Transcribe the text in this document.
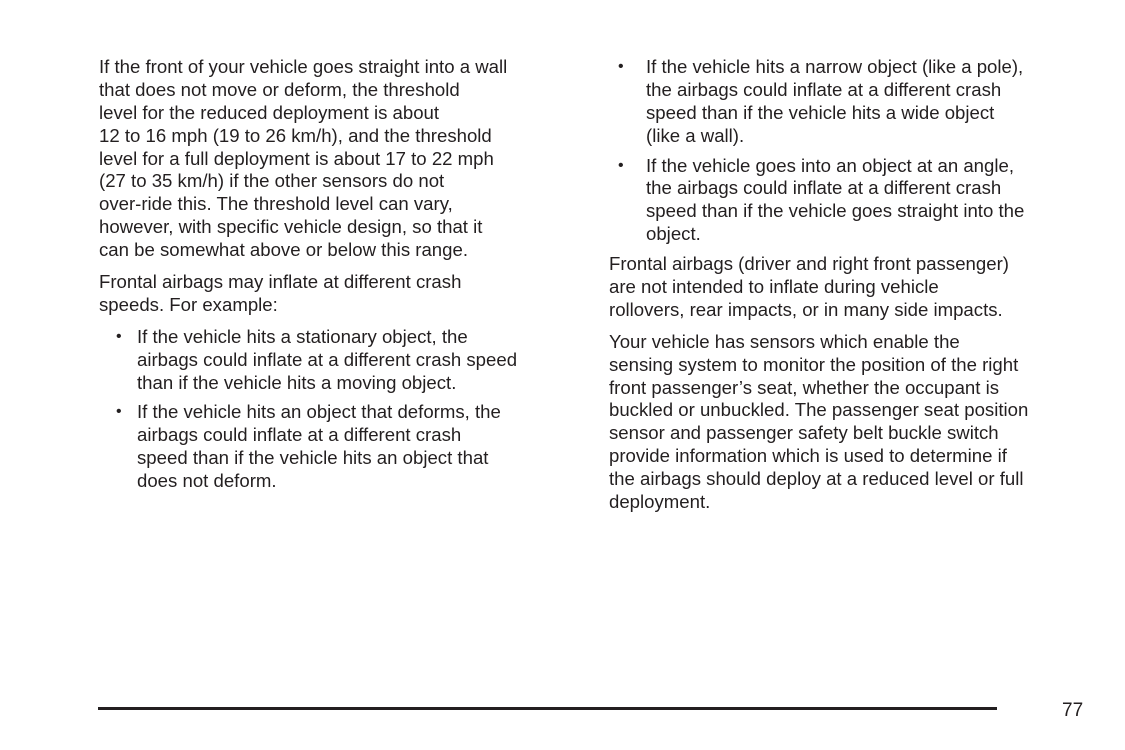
If the front of your vehicle goes straight into a wall
that does not move or deform, the threshold
level for the reduced deployment is about
12 to 16 mph (19 to 26 km/h), and the threshold
level for a full deployment is about 17 to 22 mph
(27 to 35 km/h) if the other sensors do not
over-ride this. The threshold level can vary,
however, with specific vehicle design, so that it
can be somewhat above or below this range.
Frontal airbags may inflate at different crash
speeds. For example:
• If the vehicle hits a stationary object, the
airbags could inflate at a different crash speed
than if the vehicle hits a moving object.
• If the vehicle hits an object that deforms, the
airbags could inflate at a different crash
speed than if the vehicle hits an object that
does not deform.
• If the vehicle hits a narrow object (like a pole),
the airbags could inflate at a different crash
speed than if the vehicle hits a wide object
(like a wall).
• If the vehicle goes into an object at an angle,
the airbags could inflate at a different crash
speed than if the vehicle goes straight into the
object.
Frontal airbags (driver and right front passenger)
are not intended to inflate during vehicle
rollovers, rear impacts, or in many side impacts.
Your vehicle has sensors which enable the
sensing system to monitor the position of the right
front passenger’s seat, whether the occupant is
buckled or unbuckled. The passenger seat position
sensor and passenger safety belt buckle switch
provide information which is used to determine if
the airbags should deploy at a reduced level or full
deployment.
77
